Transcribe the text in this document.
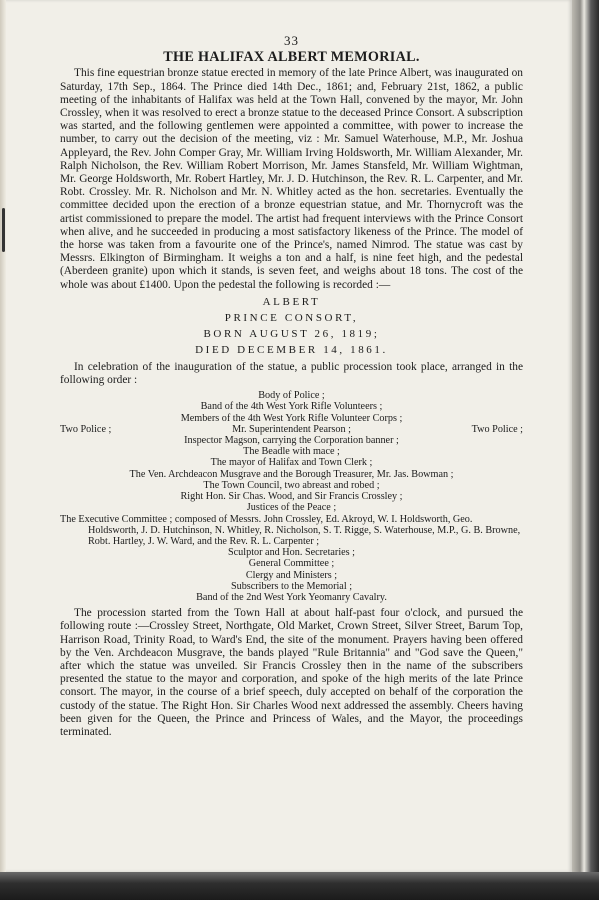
33
THE HALIFAX ALBERT MEMORIAL.

This fine equestrian bronze statue erected in memory of the late Prince Albert, was inaugurated on Saturday, 17th Sep., 1864. The Prince died 14th Dec., 1861; and, February 21st, 1862, a public meeting of the inhabitants of Halifax was held at the Town Hall, convened by the mayor, Mr. John Crossley, when it was resolved to erect a bronze statue to the deceased Prince Consort. A subscription was started, and the following gentlemen were appointed a committee, with power to increase the number, to carry out the decision of the meeting, viz : Mr. Samuel Waterhouse, M.P., Mr. Joshua Appleyard, the Rev. John Comper Gray, Mr. William Irving Holdsworth, Mr. William Alexander, Mr. Ralph Nicholson, the Rev. William Robert Morrison, Mr. James Stansfeld, Mr. William Wightman, Mr. George Holdsworth, Mr. Robert Hartley, Mr. J. D. Hutchinson, the Rev. R. L. Carpenter, and Mr. Robt. Crossley. Mr. R. Nicholson and Mr. N. Whitley acted as the hon. secretaries. Eventually the committee decided upon the erection of a bronze equestrian statue, and Mr. Thornycroft was the artist commissioned to prepare the model. The artist had frequent interviews with the Prince Consort when alive, and he succeeded in producing a most satisfactory likeness of the Prince. The model of the horse was taken from a favourite one of the Prince's, named Nimrod. The statue was cast by Messrs. Elkington of Birmingham. It weighs a ton and a half, is nine feet high, and the pedestal (Aberdeen granite) upon which it stands, is seven feet, and weighs about 18 tons. The cost of the whole was about £1400. Upon the pedestal the following is recorded :—

ALBERT
PRINCE CONSORT,
BORN AUGUST 26, 1819;
DIED DECEMBER 14, 1861.

In celebration of the inauguration of the statue, a public procession took place, arranged in the following order :

Body of Police ;
Band of the 4th West York Rifle Volunteers ;
Members of the 4th West York Rifle Volunteer Corps ;
Two Police ;	Mr. Superintendent Pearson ;	Two Police ;
Inspector Magson, carrying the Corporation banner ;
The Beadle with mace ;
The mayor of Halifax and Town Clerk ;
The Ven. Archdeacon Musgrave and the Borough Treasurer, Mr. Jas. Bowman ;
The Town Council, two abreast and robed ;
Right Hon. Sir Chas. Wood, and Sir Francis Crossley ;
Justices of the Peace ;
The Executive Committee ; composed of Messrs. John Crossley, Ed. Akroyd, W. I. Holdsworth, Geo. Holdsworth, J. D. Hutchinson, N. Whitley, R. Nicholson, S. T. Rigge, S. Waterhouse, M.P., G. B. Browne, Robt. Hartley, J. W. Ward, and the Rev. R. L. Carpenter ;
Sculptor and Hon. Secretaries ;
General Committee ;
Clergy and Ministers ;
Subscribers to the Memorial ;
Band of the 2nd West York Yeomanry Cavalry.

The procession started from the Town Hall at about half-past four o'clock, and pursued the following route :—Crossley Street, Northgate, Old Market, Crown Street, Silver Street, Barum Top, Harrison Road, Trinity Road, to Ward's End, the site of the monument. Prayers having been offered by the Ven. Archdeacon Musgrave, the bands played "Rule Britannia" and "God save the Queen," after which the statue was unveiled. Sir Francis Crossley then in the name of the subscribers presented the statue to the mayor and corporation, and spoke of the high merits of the late Prince consort. The mayor, in the course of a brief speech, duly accepted on behalf of the corporation the custody of the statue. The Right Hon. Sir Charles Wood next addressed the assembly. Cheers having been given for the Queen, the Prince and Princess of Wales, and the Mayor, the proceedings terminated.
